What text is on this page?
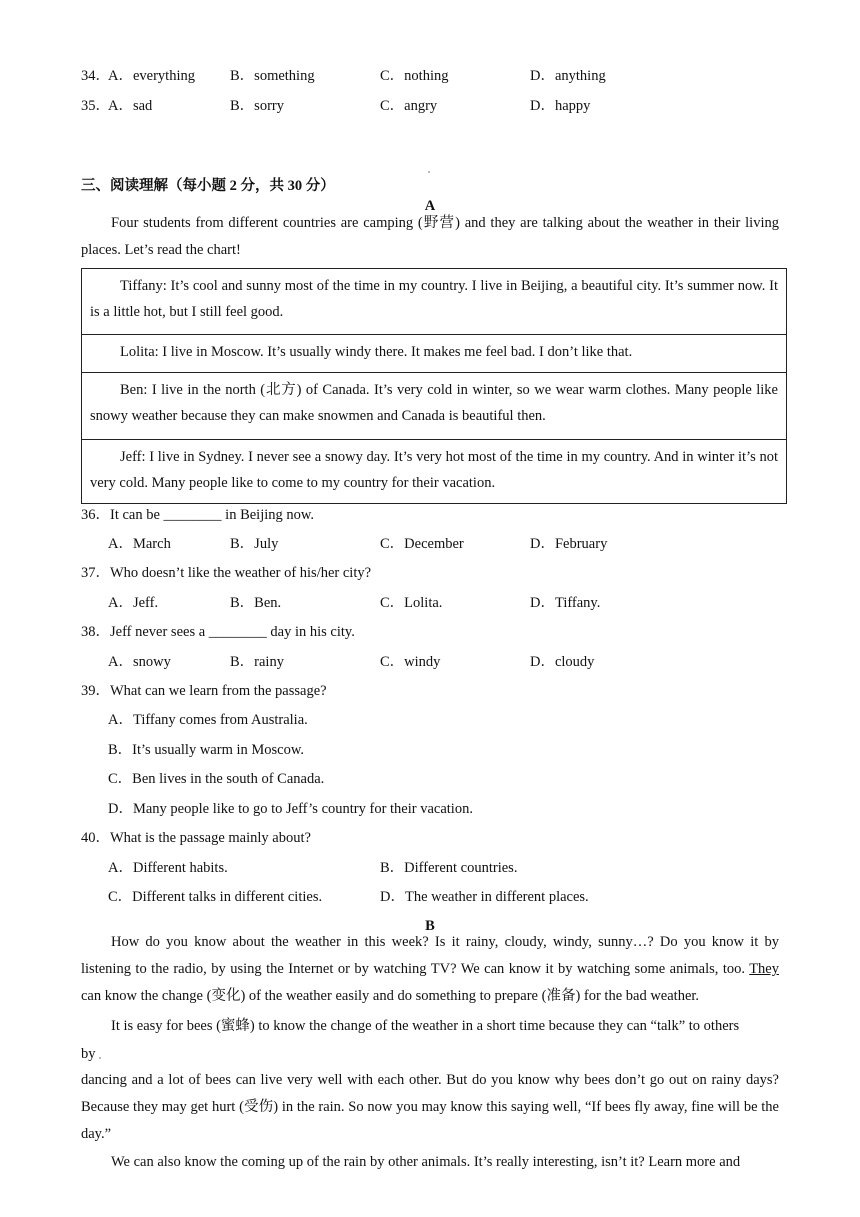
34．
A．everything B．something	C．nothing	D．anything
35．
A．sad	B．sorry	C．angry	D．happy
三、阅读理解（每小题 2 分，共 30 分）
A
Four students from different countries are camping (野营) and they are talking about the weather in their living places. Let’s read the chart!
Tiffany: It’s cool and sunny most of the time in my country. I live in Beijing, a beautiful city. It’s summer now. It is a little hot, but I still feel good.
Lolita: I live in Moscow. It’s usually windy there. It makes me feel bad. I don’t like that.
Ben: I live in the north (北方) of Canada. It’s very cold in winter, so we wear warm clothes. Many people like snowy weather because they can make snowmen and Canada is beautiful then.
Jeff: I live in Sydney. I never see a snowy day. It’s very hot most of the time in my country. And in winter it’s not very cold. Many people like to come to my country for their vacation.
36．It can be ________ in Beijing now.
A．March	B．July	C．December	D．February
37．Who doesn’t like the weather of his/her city?
A．Jeff.	B．Ben.	C．Lolita.	D．Tiffany.
38．Jeff never sees a ________ day in his city.
A．snowy	B．rainy	C．windy	D．cloudy
39．What can we learn from the passage?
A．Tiffany comes from Australia.
B．It’s usually warm in Moscow.
C．Ben lives in the south of Canada.
D．Many people like to go to Jeff’s country for their vacation.
40．What is the passage mainly about?
A．Different habits.	B．Different countries.
C．Different talks in different cities.	D．The weather in different places.
B
How do you know about the weather in this week? Is it rainy, cloudy, windy, sunny…? Do you know it by listening to the radio, by using the Internet or by watching TV? We can know it by watching some animals, too. They can know the change (变化) of the weather easily and do something to prepare (准备) for the bad weather.
It is easy for bees (蜜蜂) to know the change of the weather in a short time because they can “talk” to others
by
dancing and a lot of bees can live very well with each other. But do you know why bees don’t go out on rainy days? Because they may get hurt (受伤) in the rain. So now you may know this saying well, “If bees fly away, fine will be the day.”
We can also know the coming up of the rain by other animals. It’s really interesting, isn’t it? Learn more and
